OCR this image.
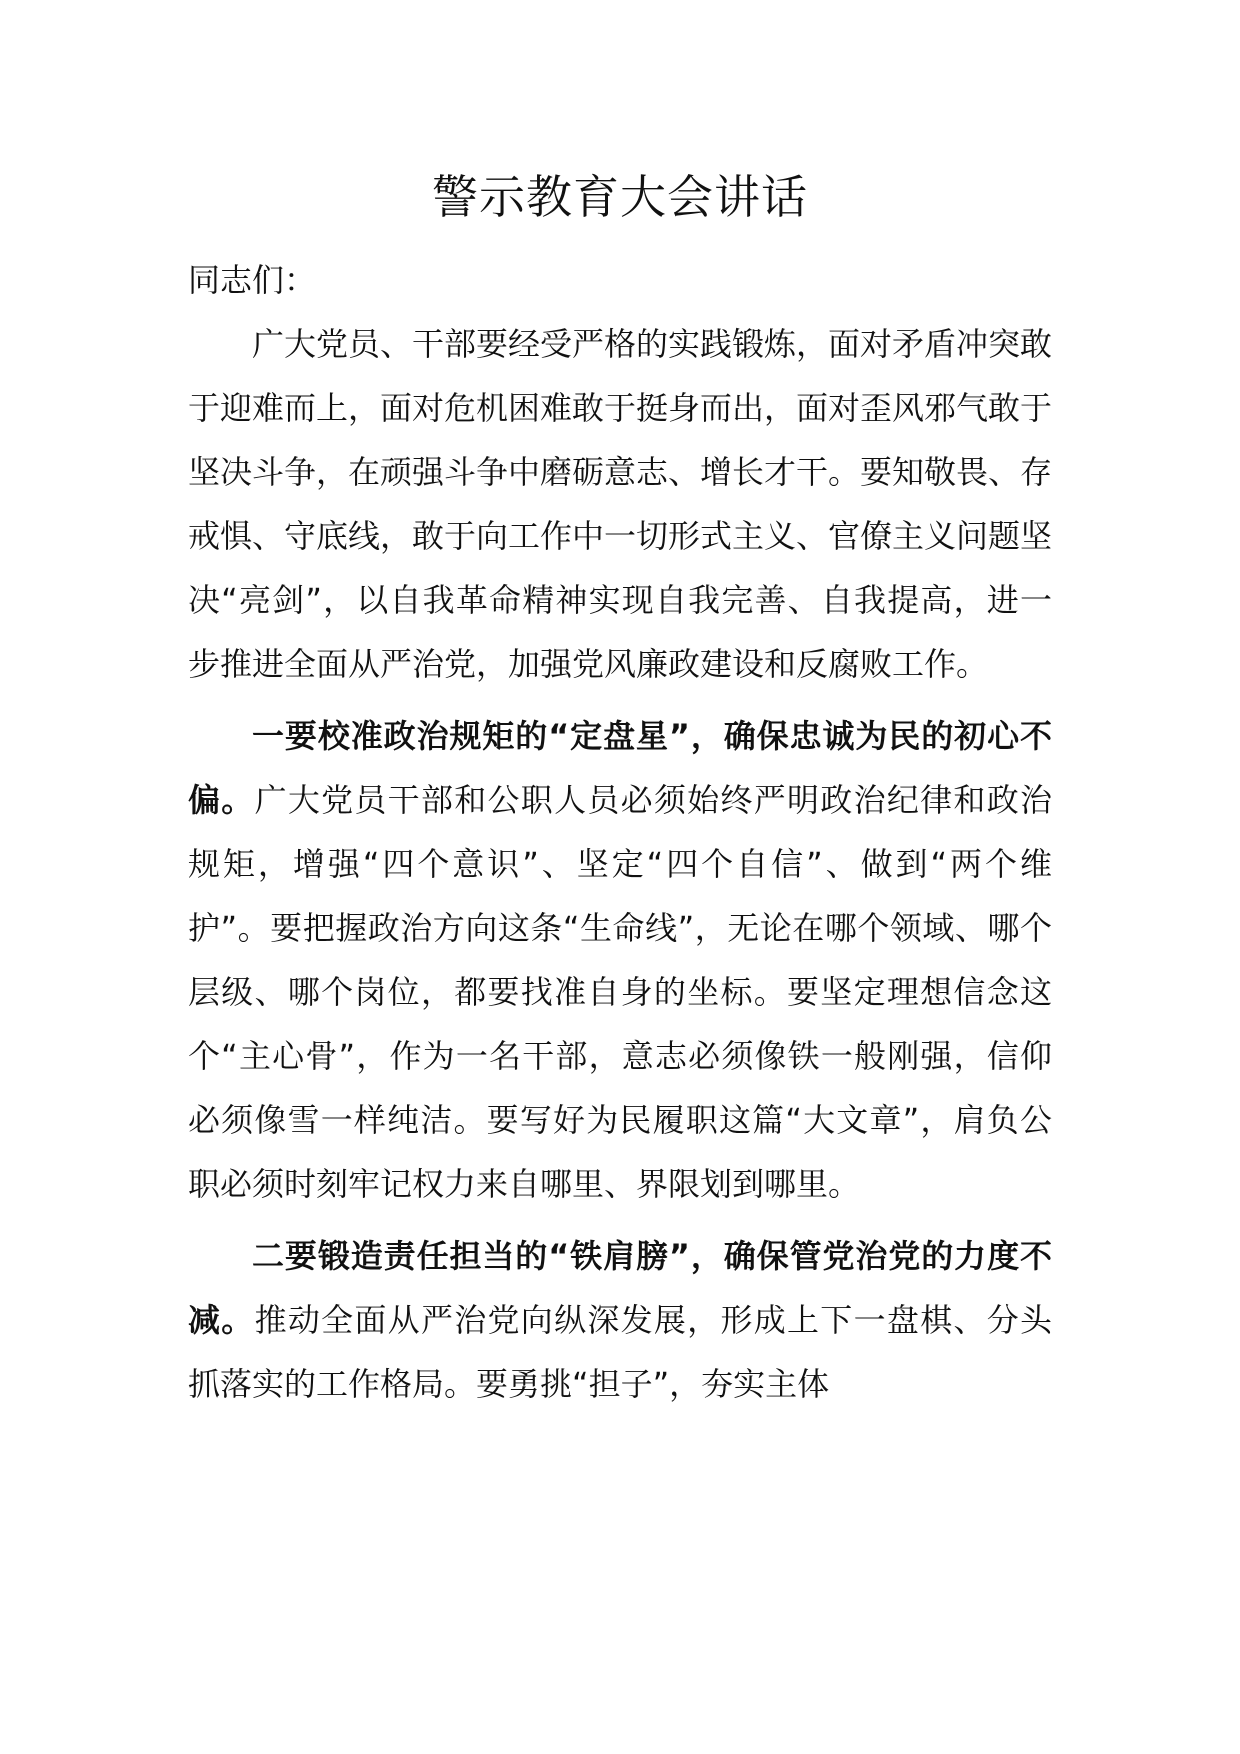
警示教育大会讲话

同志们：

广大党员、干部要经受严格的实践锻炼，面对矛盾冲突敢于迎难而上，面对危机困难敢于挺身而出，面对歪风邪气敢于坚决斗争，在顽强斗争中磨砺意志、增长才干。要知敬畏、存戒惧、守底线，敢于向工作中一切形式主义、官僚主义问题坚决“亮剑”，以自我革命精神实现自我完善、自我提高，进一步推进全面从严治党，加强党风廉政建设和反腐败工作。

一要校准政治规矩的“定盘星”，确保忠诚为民的初心不偏。广大党员干部和公职人员必须始终严明政治纪律和政治规矩，增强“四个意识”、坚定“四个自信”、做到“两个维护”。要把握政治方向这条“生命线”，无论在哪个领域、哪个层级、哪个岗位，都要找准自身的坐标。要坚定理想信念这个“主心骨”，作为一名干部，意志必须像铁一般刚强，信仰必须像雪一样纯洁。要写好为民履职这篇“大文章”，肩负公职必须时刻牢记权力来自哪里、界限划到哪里。

二要锻造责任担当的“铁肩膀”，确保管党治党的力度不减。推动全面从严治党向纵深发展，形成上下一盘棋、分头抓落实的工作格局。要勇挑“担子”，夯实主体
